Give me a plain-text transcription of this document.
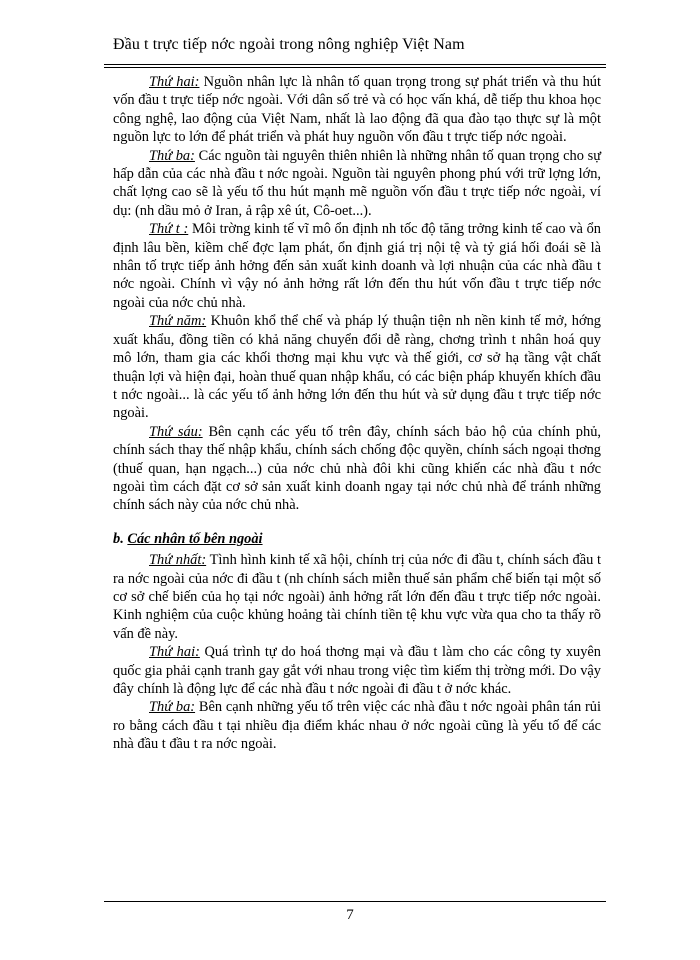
Đầu t trực tiếp nớc ngoài trong nông nghiệp Việt Nam

Thứ hai: Nguồn nhân lực là nhân tố quan trọng trong sự phát triển và thu hút vốn đầu t trực tiếp nớc ngoài. Với dân số trẻ và có học vấn khá, dễ tiếp thu khoa học công nghệ, lao động của Việt Nam, nhất là lao động đã qua đào tạo thực sự là một nguồn lực to lớn để phát triển và phát huy nguồn vốn đầu t trực tiếp nớc ngoài.

Thứ ba: Các nguồn tài nguyên thiên nhiên là những nhân tố quan trọng cho sự hấp dẫn của các nhà đầu t nớc ngoài. Nguồn tài nguyên phong phú với trữ lợng lớn, chất lợng cao sẽ là yếu tố thu hút mạnh mẽ nguồn vốn đầu t trực tiếp nớc ngoài, ví dụ: (nh dầu mỏ ở Iran, ả rập xê út, Cô-oet...).

Thứ t : Môi trờng kinh tế vĩ mô ổn định nh tốc độ tăng trởng kinh tế cao và ổn định lâu bền, kiềm chế đợc lạm phát, ổn định giá trị nội tệ và tỷ giá hối đoái sẽ là nhân tố trực tiếp ảnh hởng đến sản xuất kinh doanh và lợi nhuận của các nhà đầu t nớc ngoài. Chính vì vậy nó ảnh hởng rất lớn đến thu hút vốn đầu t trực tiếp nớc ngoài của nớc chủ nhà.

Thứ năm: Khuôn khổ thể chế và pháp lý thuận tiện nh nền kinh tế mở, hớng xuất khẩu, đồng tiền có khả năng chuyển đổi dễ ràng, chơng trình t nhân hoá quy mô lớn, tham gia các khối thơng mại khu vực và thế giới, cơ sở hạ tầng vật chất thuận lợi và hiện đại, hoàn thuế quan nhập khẩu, có các biện pháp khuyến khích đầu t nớc ngoài... là các yếu tố ảnh hởng lớn đến thu hút và sử dụng đầu t trực tiếp nớc ngoài.

Thứ sáu: Bên cạnh các yếu tố trên đây, chính sách bảo hộ của chính phủ, chính sách thay thế nhập khẩu, chính sách chống độc quyền, chính sách ngoại thơng (thuế quan, hạn ngạch...) của nớc chủ nhà đôi khi cũng khiến các nhà đầu t nớc ngoài tìm cách đặt cơ sở sản xuất kinh doanh ngay tại nớc chủ nhà để tránh những chính sách này của nớc chủ nhà.

b. Các nhân tố bên ngoài

Thứ nhất: Tình hình kinh tế xã hội, chính trị của nớc đi đầu t, chính sách đầu t ra nớc ngoài của nớc đi đầu t (nh chính sách miễn thuế sản phẩm chế biến tại một số cơ sở chế biến của họ tại nớc ngoài) ảnh hởng rất lớn đến đầu t trực tiếp nớc ngoài. Kinh nghiệm của cuộc khủng hoảng tài chính tiền tệ khu vực vừa qua cho ta thấy rõ vấn đề này.

Thứ hai: Quá trình tự do hoá thơng mại và đầu t làm cho các công ty xuyên quốc gia phải cạnh tranh gay gắt với nhau trong việc tìm kiếm thị trờng mới. Do vậy đây chính là động lực để các nhà đầu t nớc ngoài đi đầu t ở nớc khác.

Thứ ba: Bên cạnh những yếu tố trên việc các nhà đầu t nớc ngoài phân tán rủi ro bằng cách đầu t tại nhiều địa điểm khác nhau ở nớc ngoài cũng là yếu tố để các nhà đầu t đầu t ra nớc ngoài.

7
